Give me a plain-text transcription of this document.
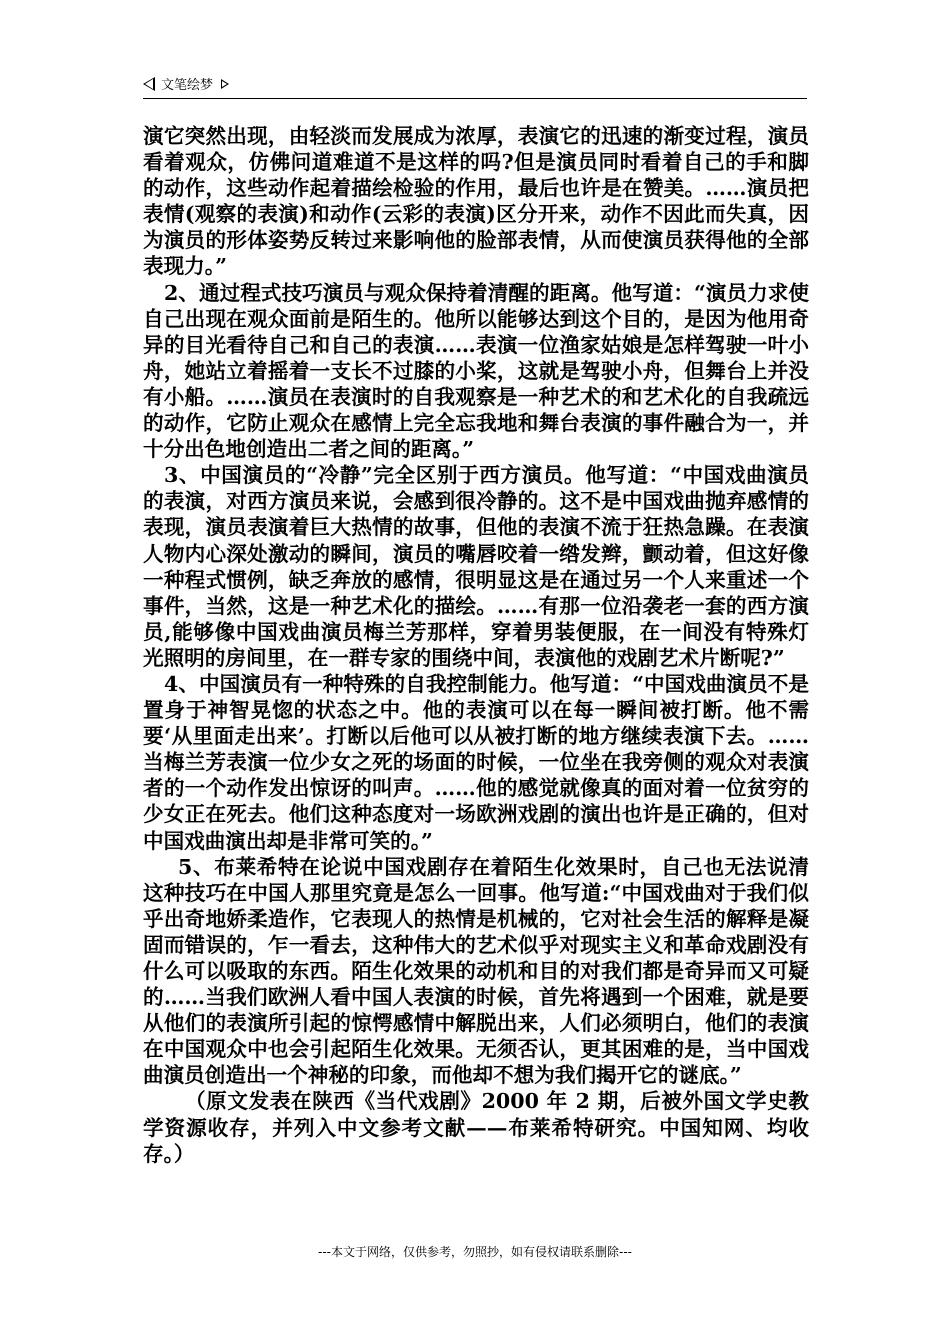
文笔绘梦

演它突然出现，由轻淡而发展成为浓厚，表演它的迅速的渐变过程，演员看着观众，仿佛问道难道不是这样的吗?但是演员同时看着自己的手和脚的动作，这些动作起着描绘检验的作用，最后也许是在赞美。……演员把表情(观察的表演)和动作(云彩的表演)区分开来，动作不因此而失真，因为演员的形体姿势反转过来影响他的脸部表情，从而使演员获得他的全部表现力。”

2、通过程式技巧演员与观众保持着清醒的距离。他写道：“演员力求使自己出现在观众面前是陌生的。他所以能够达到这个目的，是因为他用奇异的目光看待自己和自己的表演……表演一位渔家姑娘是怎样驾驶一叶小舟，她站立着摇着一支长不过膝的小桨，这就是驾驶小舟，但舞台上并没有小船。……演员在表演时的自我观察是一种艺术的和艺术化的自我疏远的动作，它防止观众在感情上完全忘我地和舞台表演的事件融合为一，并十分出色地创造出二者之间的距离。”

3、中国演员的“冷静”完全区别于西方演员。他写道：“中国戏曲演员的表演，对西方演员来说，会感到很冷静的。这不是中国戏曲抛弃感情的表现，演员表演着巨大热情的故事，但他的表演不流于狂热急躁。在表演人物内心深处激动的瞬间，演员的嘴唇咬着一绺发辫，颤动着，但这好像一种程式惯例，缺乏奔放的感情，很明显这是在通过另一个人来重述一个事件，当然，这是一种艺术化的描绘。……有那一位沿袭老一套的西方演员,能够像中国戏曲演员梅兰芳那样，穿着男装便服，在一间没有特殊灯光照明的房间里，在一群专家的围绕中间，表演他的戏剧艺术片断呢?”

4、中国演员有一种特殊的自我控制能力。他写道：“中国戏曲演员不是置身于神智晃惚的状态之中。他的表演可以在每一瞬间被打断。他不需要‘从里面走出来’。打断以后他可以从被打断的地方继续表演下去。……当梅兰芳表演一位少女之死的场面的时候，一位坐在我旁侧的观众对表演者的一个动作发出惊讶的叫声。……他的感觉就像真的面对着一位贫穷的少女正在死去。他们这种态度对一场欧洲戏剧的演出也许是正确的，但对中国戏曲演出却是非常可笑的。”

5、布莱希特在论说中国戏剧存在着陌生化效果时，自己也无法说清这种技巧在中国人那里究竟是怎么一回事。他写道:“中国戏曲对于我们似乎出奇地娇柔造作，它表现人的热情是机械的，它对社会生活的解释是凝固而错误的，乍一看去，这种伟大的艺术似乎对现实主义和革命戏剧没有什么可以吸取的东西。陌生化效果的动机和目的对我们都是奇异而又可疑的……当我们欧洲人看中国人表演的时候，首先将遇到一个困难，就是要从他们的表演所引起的惊愕感情中解脱出来，人们必须明白，他们的表演在中国观众中也会引起陌生化效果。无须否认，更其困难的是，当中国戏曲演员创造出一个神秘的印象，而他却不想为我们揭开它的谜底。”

（原文发表在陕西《当代戏剧》2000 年 2 期，后被外国文学史教学资源收存，并列入中文参考文献——布莱希特研究。中国知网、均收存。）

---本文于网络，仅供参考，勿照抄，如有侵权请联系删除---
